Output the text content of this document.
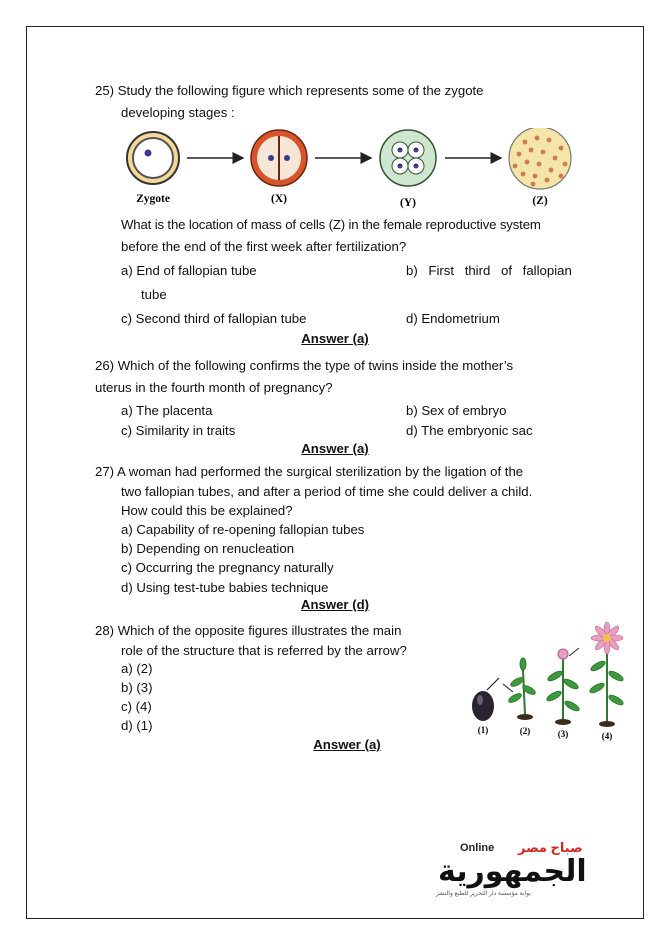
25) Study the following figure which represents some of the zygote
developing stages :
Zygote	(X)	(Y)	(Z)
What is the location of mass of cells (Z) in the female reproductive system
before the end of the first week after fertilization?
a) End of fallopian tube	b) First third of fallopian
tube
c) Second third of fallopian tube	d) Endometrium
Answer (a)
26) Which of the following confirms the type of twins inside the mother’s
uterus in the fourth month of pregnancy?
a) The placenta	b) Sex of embryo
c) Similarity in traits	d) The embryonic sac
Answer (a)
27) A woman had performed the surgical sterilization by the ligation of the
two fallopian tubes, and after a period of time she could deliver a child.
How could this be explained?
a) Capability of re-opening fallopian tubes
b) Depending on renucleation
c) Occurring the pregnancy naturally
d) Using test-tube babies technique
Answer (d)
28) Which of the opposite figures illustrates the main
role of the structure that is referred by the arrow?
a) (2)
b) (3)
c) (4)
d) (1)
Answer (a)
(1)	(2)	(3)	(4)
Online صباح مصر
الجمهورية
بوابة مؤسسة دار التحرير للطبع والنشر
